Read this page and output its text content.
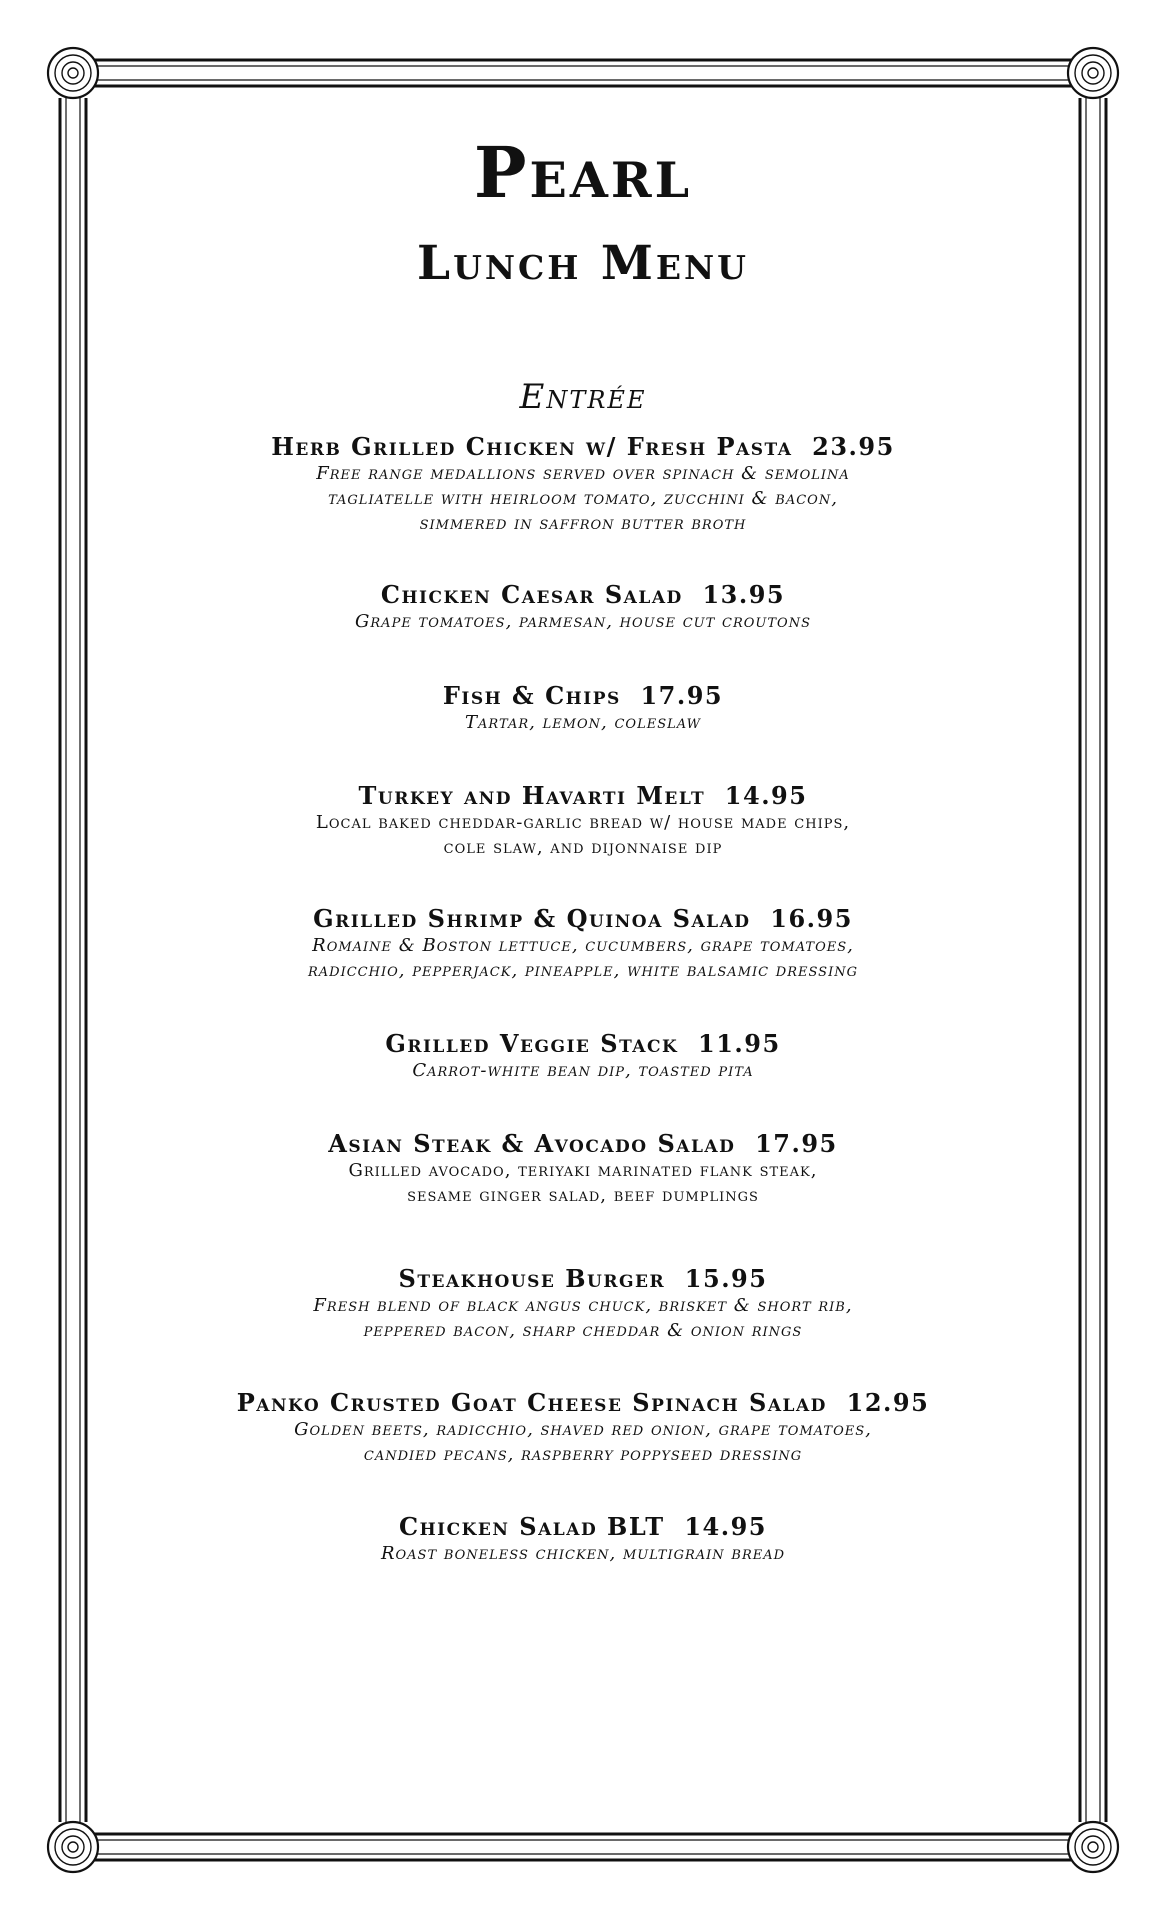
Pearl
Lunch Menu
Entrée
Herb Grilled Chicken w/ Fresh Pasta  23.95
Free range medallions served over spinach & semolina
tagliatelle with heirloom tomato, zucchini & bacon,
simmered in saffron butter broth
Chicken Caesar Salad  13.95
Grape tomatoes, parmesan, house cut croutons
Fish & Chips  17.95
Tartar, lemon, coleslaw
Turkey and Havarti Melt  14.95
Local baked cheddar-garlic bread w/ house made chips,
cole slaw, and dijonnaise dip
Grilled Shrimp & Quinoa Salad  16.95
Romaine & Boston lettuce, cucumbers, grape tomatoes,
radicchio, pepperjack, pineapple, white balsamic dressing
Grilled Veggie Stack  11.95
Carrot-white bean dip, toasted pita
Asian Steak & Avocado Salad  17.95
Grilled avocado, teriyaki marinated flank steak,
sesame ginger salad, beef dumplings
Steakhouse Burger  15.95
Fresh blend of black angus chuck, brisket & short rib,
peppered bacon, sharp cheddar & onion rings
Panko Crusted Goat Cheese Spinach Salad  12.95
Golden beets, radicchio, shaved red onion, grape tomatoes,
candied pecans, raspberry poppyseed dressing
Chicken Salad BLT  14.95
Roast boneless chicken, multigrain bread
